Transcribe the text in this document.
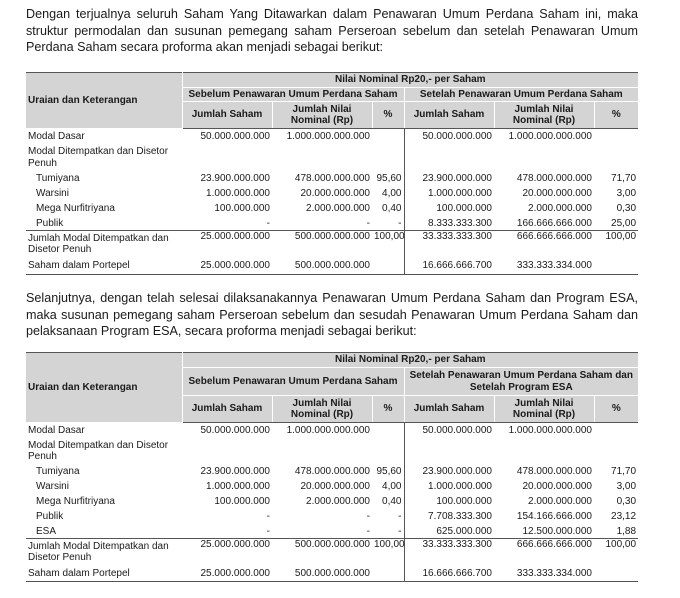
Dengan terjualnya seluruh Saham Yang Ditawarkan dalam Penawaran Umum Perdana Saham ini, maka struktur permodalan dan susunan pemegang saham Perseroan sebelum dan setelah Penawaran Umum Perdana Saham secara proforma akan menjadi sebagai berikut:

Uraian dan Keterangan	Nilai Nominal Rp20,- per Saham					
	Sebelum Penawaran Umum Perdana Saham			Setelah Penawaran Umum Perdana Saham		
	Jumlah Saham	Jumlah Nilai Nominal (Rp)	%	Jumlah Saham	Jumlah Nilai Nominal (Rp)	%
Modal Dasar	50.000.000.000	1.000.000.000.000		50.000.000.000	1.000.000.000.000	
Modal Ditempatkan dan Disetor Penuh						
Tumiyana	23.900.000.000	478.000.000.000	95,60	23.900.000.000	478.000.000.000	71,70
Warsini	1.000.000.000	20.000.000.000	4,00	1.000.000.000	20.000.000.000	3,00
Mega Nurfitriyana	100.000.000	2.000.000.000	0,40	100.000.000	2.000.000.000	0,30
Publik	-	-	-	8.333.333.300	166.666.666.000	25,00
Jumlah Modal Ditempatkan dan Disetor Penuh	25.000.000.000	500.000.000.000	100,00	33.333.333.300	666.666.666.000	100,00
Saham dalam Portepel	25.000.000.000	500.000.000.000		16.666.666.700	333.333.334.000	

Selanjutnya, dengan telah selesai dilaksanakannya Penawaran Umum Perdana Saham dan Program ESA, maka susunan pemegang saham Perseroan sebelum dan sesudah Penawaran Umum Perdana Saham dan pelaksanaan Program ESA, secara proforma menjadi sebagai berikut:

Uraian dan Keterangan	Nilai Nominal Rp20,- per Saham					
	Sebelum Penawaran Umum Perdana Saham			Setelah Penawaran Umum Perdana Saham dan Setelah Program ESA		
	Jumlah Saham	Jumlah Nilai Nominal (Rp)	%	Jumlah Saham	Jumlah Nilai Nominal (Rp)	%
Modal Dasar	50.000.000.000	1.000.000.000.000		50.000.000.000	1.000.000.000.000	
Modal Ditempatkan dan Disetor Penuh						
Tumiyana	23.900.000.000	478.000.000.000	95,60	23.900.000.000	478.000.000.000	71,70
Warsini	1.000.000.000	20.000.000.000	4,00	1.000.000.000	20.000.000.000	3,00
Mega Nurfitriyana	100.000.000	2.000.000.000	0,40	100.000.000	2.000.000.000	0,30
Publik	-	-	-	7.708.333.300	154.166.666.000	23,12
ESA	-	-	-	625.000.000	12.500.000.000	1,88
Jumlah Modal Ditempatkan dan Disetor Penuh	25.000.000.000	500.000.000.000	100,00	33.333.333.300	666.666.666.000	100,00
Saham dalam Portepel	25.000.000.000	500.000.000.000		16.666.666.700	333.333.334.000	
